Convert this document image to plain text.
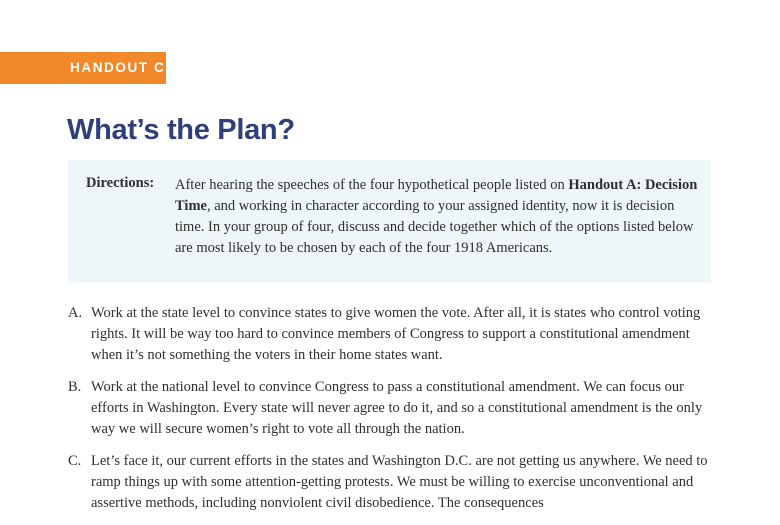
HANDOUT C
What’s the Plan?
Directions: After hearing the speeches of the four hypothetical people listed on Handout A: Decision Time, and working in character according to your assigned identity, now it is decision time. In your group of four, discuss and decide together which of the options listed below are most likely to be chosen by each of the four 1918 Americans.
A. Work at the state level to convince states to give women the vote. After all, it is states who control voting rights. It will be way too hard to convince members of Congress to support a constitutional amendment when it’s not something the voters in their home states want.
B. Work at the national level to convince Congress to pass a constitutional amendment. We can focus our efforts in Washington. Every state will never agree to do it, and so a constitutional amendment is the only way we will secure women’s right to vote all through the nation.
C. Let’s face it, our current efforts in the states and Washington D.C. are not getting us anywhere. We need to ramp things up with some attention-getting protests. We must be willing to exercise unconventional and assertive methods, including nonviolent civil disobedience. The consequences
